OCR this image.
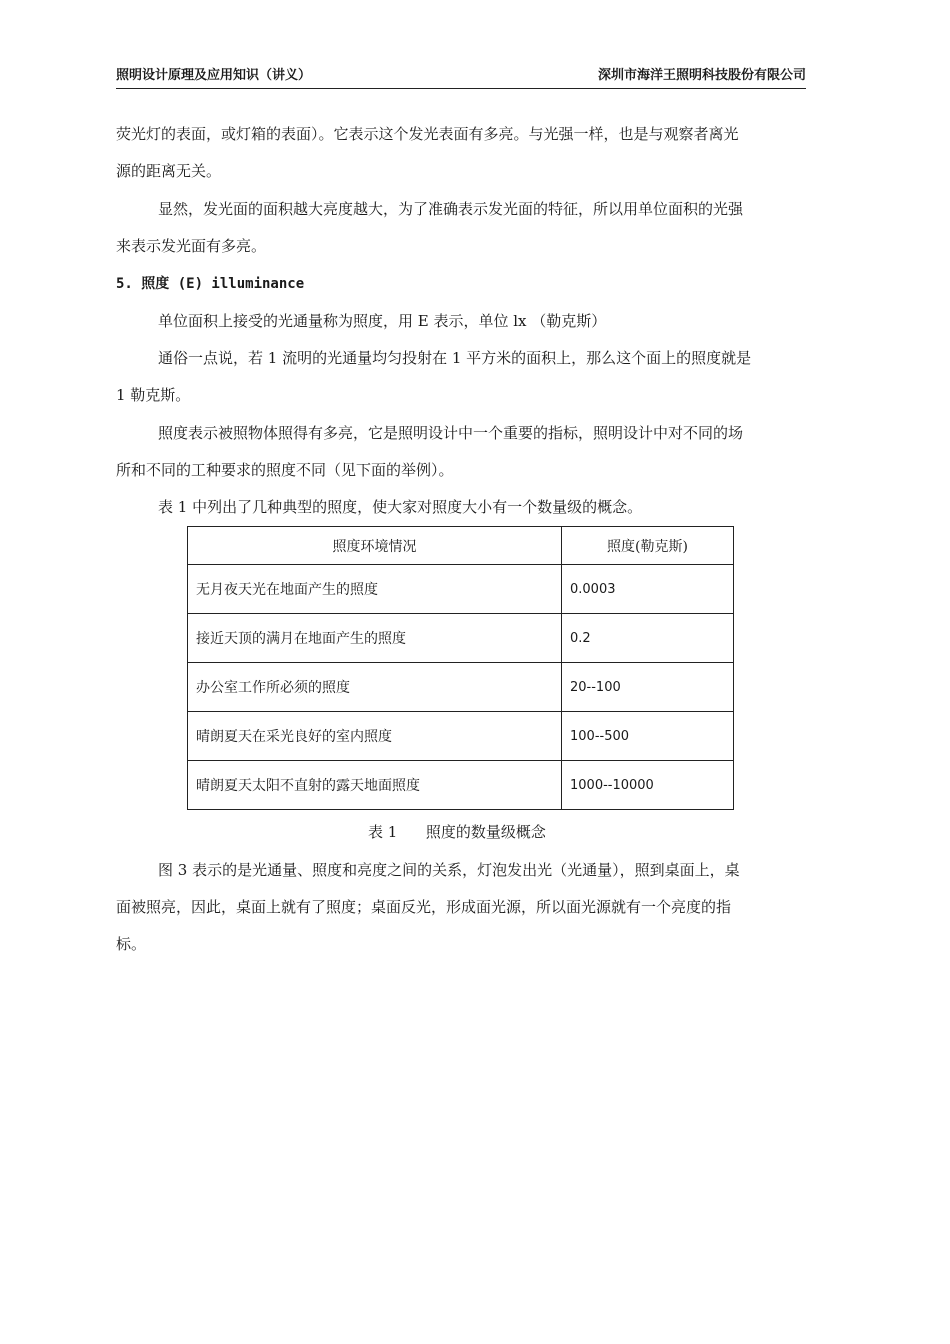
照明设计原理及应用知识（讲义）	深圳市海洋王照明科技股份有限公司
荧光灯的表面，或灯箱的表面）。它表示这个发光表面有多亮。与光强一样，也是与观察者离光
源的距离无关。
显然，发光面的面积越大亮度越大，为了准确表示发光面的特征，所以用单位面积的光强
来表示发光面有多亮。
5. 照度 (E) illuminance
单位面积上接受的光通量称为照度，用 E 表示，单位 lx （勒克斯）
通俗一点说，若 1 流明的光通量均匀投射在 1 平方米的面积上，那么这个面上的照度就是
1 勒克斯。
照度表示被照物体照得有多亮，它是照明设计中一个重要的指标，照明设计中对不同的场
所和不同的工种要求的照度不同（见下面的举例）。
表 1 中列出了几种典型的照度，使大家对照度大小有一个数量级的概念。
照度环境情况	照度(勒克斯)
无月夜天光在地面产生的照度	0.0003
接近天顶的满月在地面产生的照度	0.2
办公室工作所必须的照度	20--100
晴朗夏天在采光良好的室内照度	100--500
晴朗夏天太阳不直射的露天地面照度	1000--10000
表 1      照度的数量级概念
图 3 表示的是光通量、照度和亮度之间的关系，灯泡发出光（光通量），照到桌面上，桌
面被照亮，因此，桌面上就有了照度；桌面反光，形成面光源，所以面光源就有一个亮度的指
标。
